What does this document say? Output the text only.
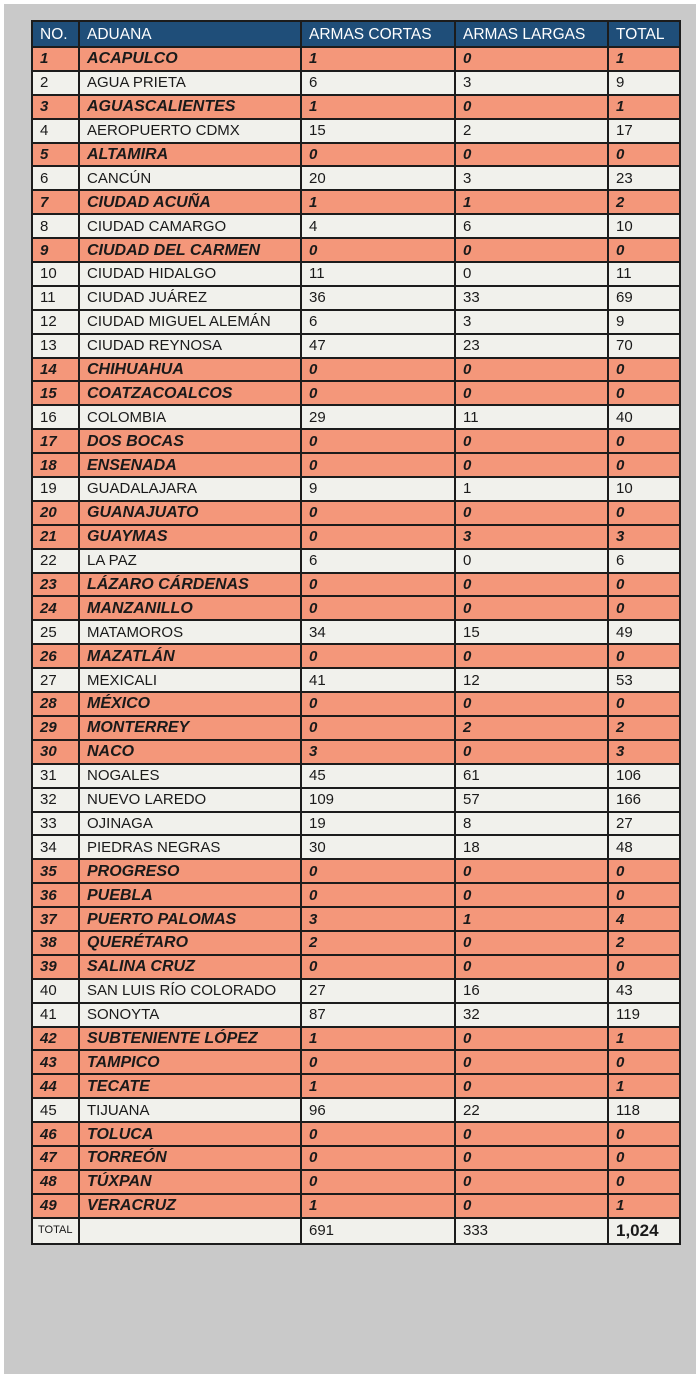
NO.	ADUANA	ARMAS CORTAS	ARMAS LARGAS	TOTAL
1	ACAPULCO	1	0	1
2	AGUA PRIETA	6	3	9
3	AGUASCALIENTES	1	0	1
4	AEROPUERTO CDMX	15	2	17
5	ALTAMIRA	0	0	0
6	CANCÚN	20	3	23
7	CIUDAD ACUÑA	1	1	2
8	CIUDAD CAMARGO	4	6	10
9	CIUDAD DEL CARMEN	0	0	0
10	CIUDAD HIDALGO	11	0	11
11	CIUDAD JUÁREZ	36	33	69
12	CIUDAD MIGUEL ALEMÁN	6	3	9
13	CIUDAD REYNOSA	47	23	70
14	CHIHUAHUA	0	0	0
15	COATZACOALCOS	0	0	0
16	COLOMBIA	29	11	40
17	DOS BOCAS	0	0	0
18	ENSENADA	0	0	0
19	GUADALAJARA	9	1	10
20	GUANAJUATO	0	0	0
21	GUAYMAS	0	3	3
22	LA PAZ	6	0	6
23	LÁZARO CÁRDENAS	0	0	0
24	MANZANILLO	0	0	0
25	MATAMOROS	34	15	49
26	MAZATLÁN	0	0	0
27	MEXICALI	41	12	53
28	MÉXICO	0	0	0
29	MONTERREY	0	2	2
30	NACO	3	0	3
31	NOGALES	45	61	106
32	NUEVO LAREDO	109	57	166
33	OJINAGA	19	8	27
34	PIEDRAS NEGRAS	30	18	48
35	PROGRESO	0	0	0
36	PUEBLA	0	0	0
37	PUERTO PALOMAS	3	1	4
38	QUERÉTARO	2	0	2
39	SALINA CRUZ	0	0	0
40	SAN LUIS RÍO COLORADO	27	16	43
41	SONOYTA	87	32	119
42	SUBTENIENTE LÓPEZ	1	0	1
43	TAMPICO	0	0	0
44	TECATE	1	0	1
45	TIJUANA	96	22	118
46	TOLUCA	0	0	0
47	TORREÓN	0	0	0
48	TÚXPAN	0	0	0
49	VERACRUZ	1	0	1
TOTAL		691	333	1,024
